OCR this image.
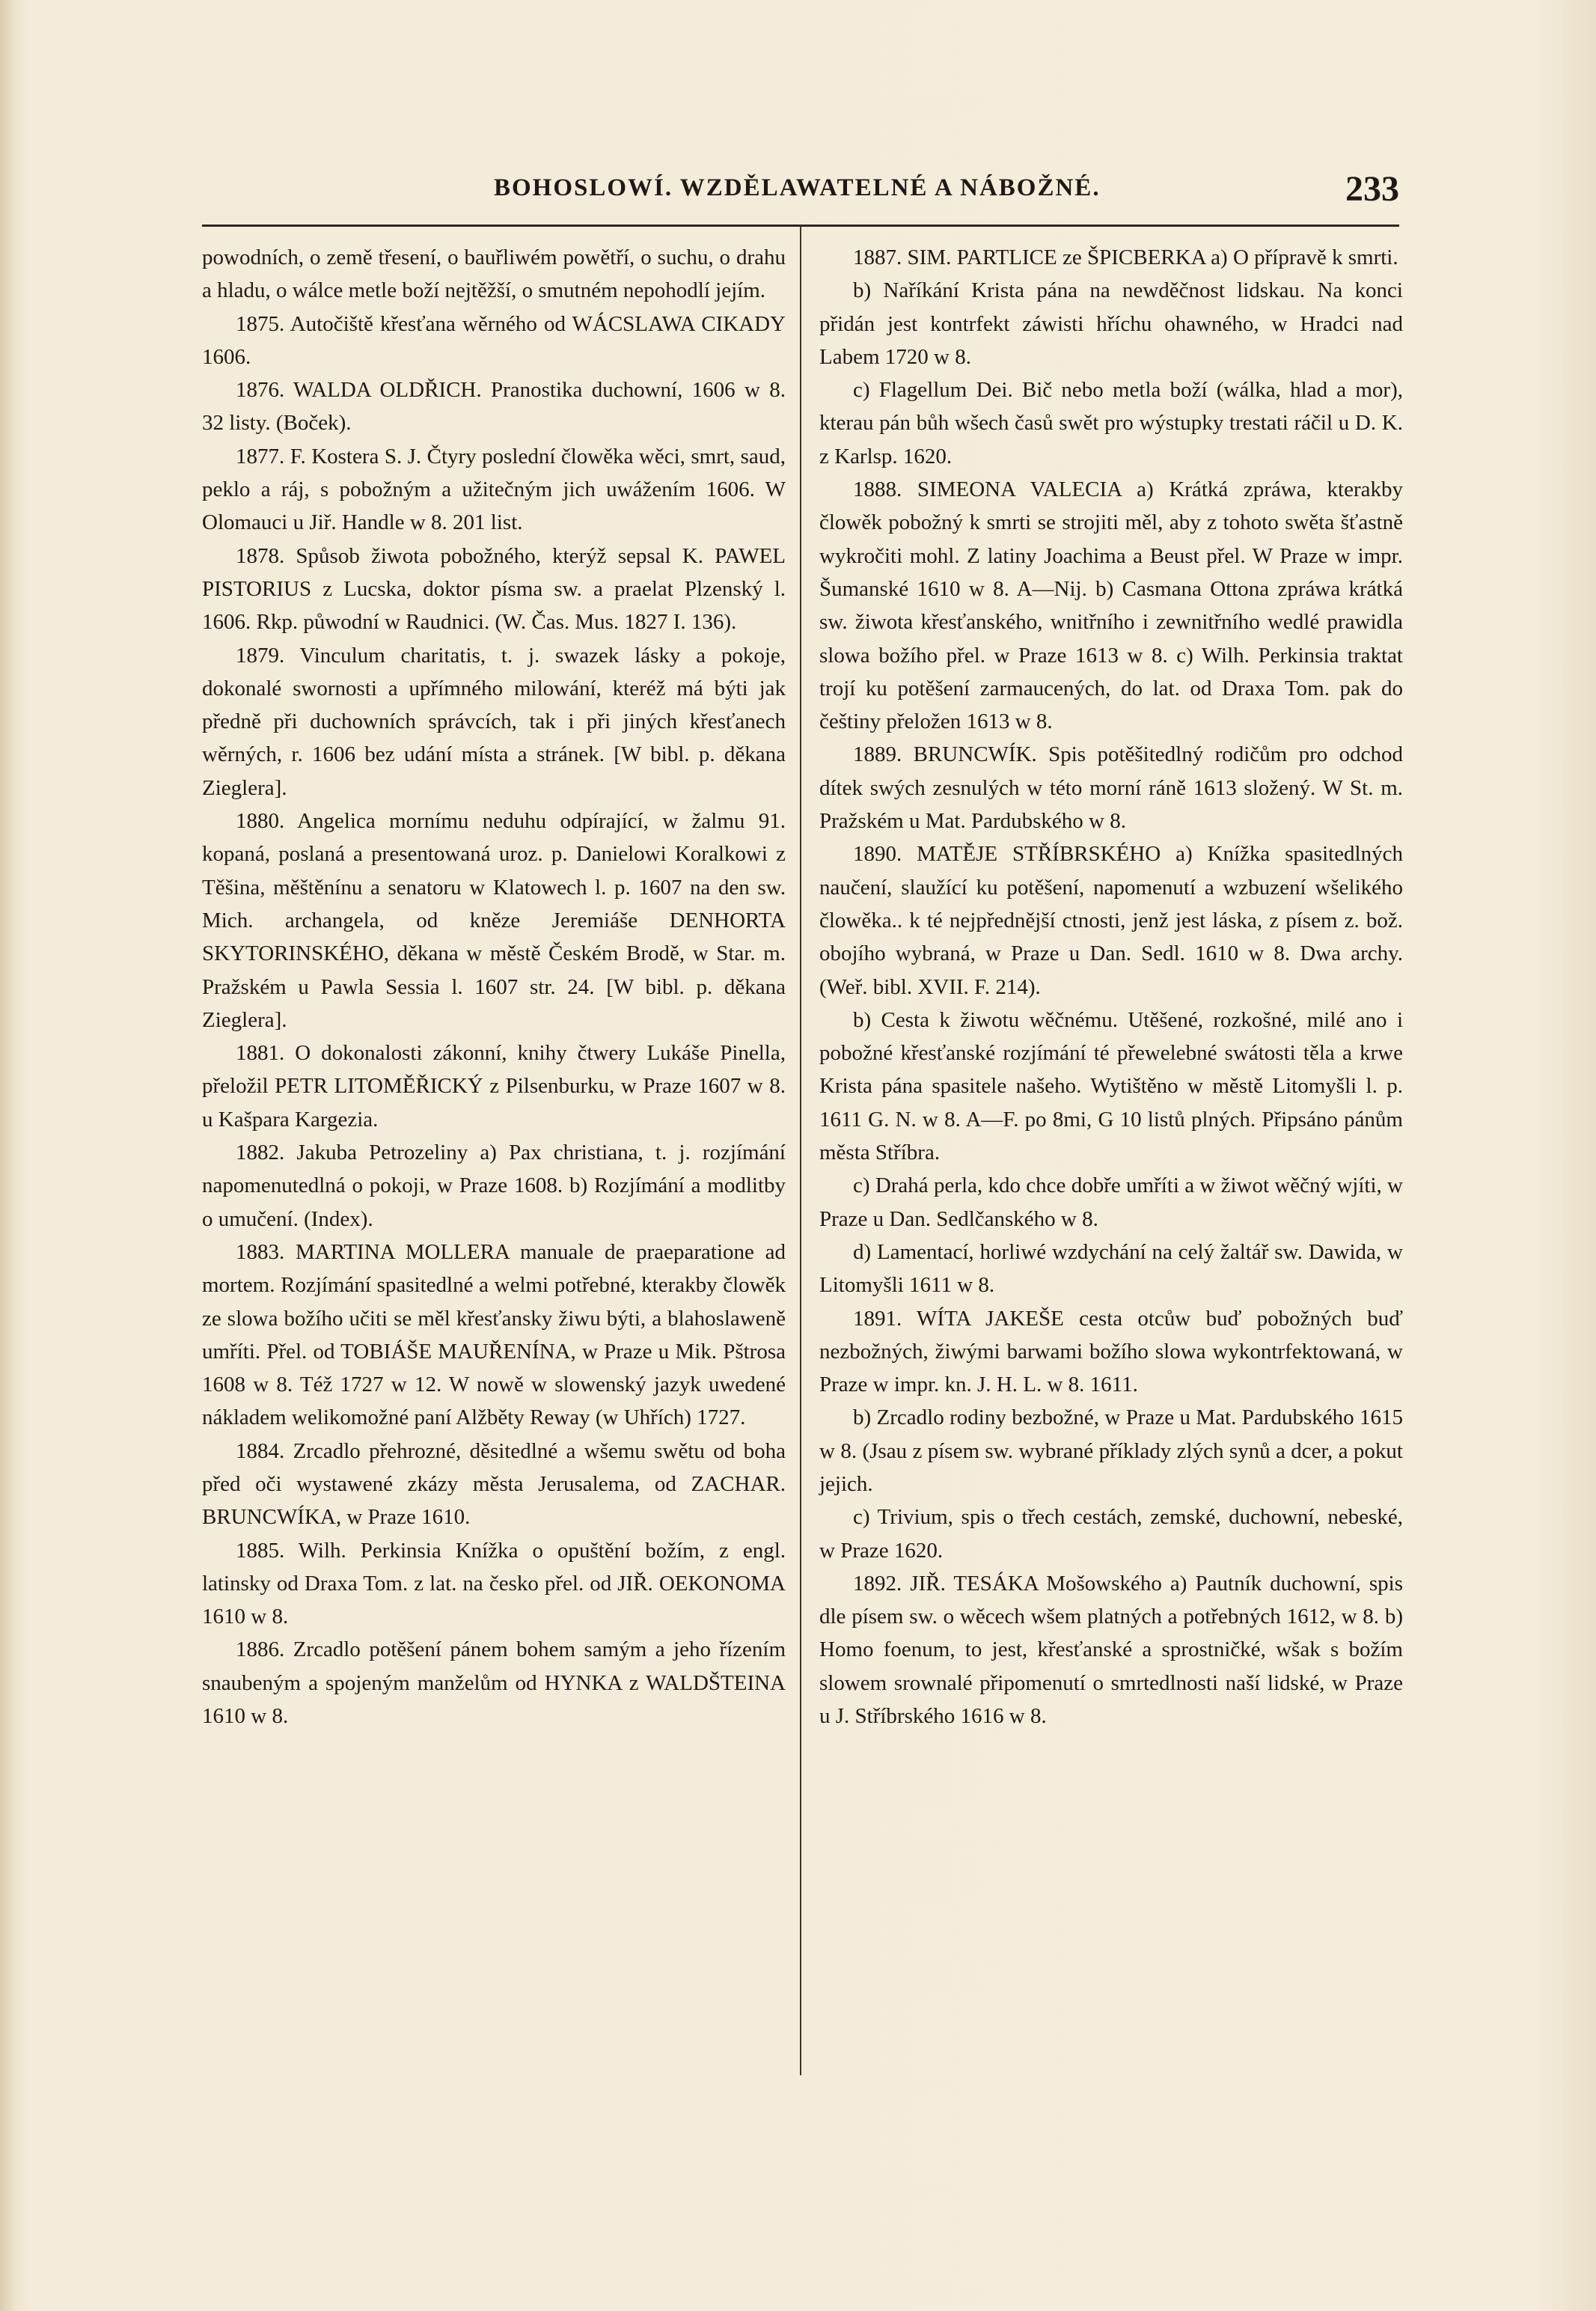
BOHOSLOWÍ. WZDĚLAWATELNÉ A NÁBOŽNÉ.	233

powodních, o země třesení, o bauřliwém powětří, o suchu, o drahu a hladu, o wálce metle boží nejtěžší, o smutném nepohodlí jejím.

1875. Autočiště křesťana wěrného od WÁCSLAWA CIKADY 1606.

1876. WALDA OLDŘICH. Pranostika duchowní, 1606 w 8. 32 listy. (Boček).

1877. F. Kostera S. J. Čtyry poslední člowěka wěci, smrt, saud, peklo a ráj, s pobožným a užitečným jich uwážením 1606. W Olomauci u Jiř. Handle w 8. 201 list.

1878. Spůsob žiwota pobožného, kterýž sepsal K. PAWEL PISTORIUS z Lucska, doktor písma sw. a praelat Plzenský l. 1606. Rkp. půwodní w Raudnici. (W. Čas. Mus. 1827 I. 136).

1879. Vinculum charitatis, t. j. swazek lásky a pokoje, dokonalé swornosti a upřímného milowání, kteréž má býti jak předně při duchowních správcích, tak i při jiných křesťanech wěrných, r. 1606 bez udání místa a stránek. [W bibl. p. děkana Zieglera].

1880. Angelica mornímu neduhu odpírající, w žalmu 91. kopaná, poslaná a presentowaná uroz. p. Danielowi Koralkowi z Těšina, měštěnínu a senatoru w Klatowech l. p. 1607 na den sw. Mich. archangela, od kněze Jeremiáše DENHORTA SKYTORINSKÉHO, děkana w městě Českém Brodě, w Star. m. Pražském u Pawla Sessia l. 1607 str. 24. [W bibl. p. děkana Zieglera].

1881. O dokonalosti zákonní, knihy čtwery Lukáše Pinella, přeložil PETR LITOMĚŘICKÝ z Pilsenburku, w Praze 1607 w 8. u Kašpara Kargezia.

1882. Jakuba Petrozeliny a) Pax christiana, t. j. rozjímání napomenutedlná o pokoji, w Praze 1608. b) Rozjímání a modlitby o umučení. (Index).

1883. MARTINA MOLLERA manuale de praeparatione ad mortem. Rozjímání spasitedlné a welmi potřebné, kterakby člowěk ze slowa božího učiti se měl křesťansky žiwu býti, a blahoslaweně umříti. Přel. od TOBIÁŠE MAUŘENÍNA, w Praze u Mik. Pštrosa 1608 w 8. Též 1727 w 12. W nowě w slowenský jazyk uwedené nákladem welikomožné paní Alžběty Reway (w Uhřích) 1727.

1884. Zrcadlo přehrozné, děsitedlné a wšemu swětu od boha před oči wystawené zkázy města Jerusalema, od ZACHAR. BRUNCWÍKA, w Praze 1610.

1885. Wilh. Perkinsia Knížka o opuštění božím, z engl. latinsky od Draxa Tom. z lat. na česko přel. od JIŘ. OEKONOMA 1610 w 8.

1886. Zrcadlo potěšení pánem bohem samým a jeho řízením snaubeným a spojeným manželům od HYNKA z WALDŠTEINA 1610 w 8.

1887. SIM. PARTLICE ze ŠPICBERKA a) O přípravě k smrti.

b) Naříkání Krista pána na newděčnost lidskau. Na konci přidán jest kontrfekt záwisti hříchu ohawného, w Hradci nad Labem 1720 w 8.

c) Flagellum Dei. Bič nebo metla boží (wálka, hlad a mor), kterau pán bůh wšech časů swět pro wýstupky trestati ráčil u D. K. z Karlsp. 1620.

1888. SIMEONA VALECIA a) Krátká zpráwa, kterakby člowěk pobožný k smrti se strojiti měl, aby z tohoto swěta šťastně wykročiti mohl. Z latiny Joachima a Beust přel. W Praze w impr. Šumanské 1610 w 8. A—Nij. b) Casmana Ottona zpráwa krátká sw. žiwota křesťanského, wnitřního i zewnitřního wedlé prawidla slowa božího přel. w Praze 1613 w 8. c) Wilh. Perkinsia traktat trojí ku potěšení zarmaucených, do lat. od Draxa Tom. pak do češtiny přeložen 1613 w 8.

1889. BRUNCWÍK. Spis potěšitedlný rodičům pro odchod dítek swých zesnulých w této morní ráně 1613 složený. W St. m. Pražském u Mat. Pardubského w 8.

1890. MATĚJE STŘÍBRSKÉHO a) Knížka spasitedlných naučení, slaužící ku potěšení, napomenutí a wzbuzení wšelikého člowěka.. k té nejpřednější ctnosti, jenž jest láska, z písem z. bož. obojího wybraná, w Praze u Dan. Sedl. 1610 w 8. Dwa archy. (Weř. bibl. XVII. F. 214).

b) Cesta k žiwotu wěčnému. Utěšené, rozkošné, milé ano i pobožné křesťanské rozjímání té přewelebné swátosti těla a krwe Krista pána spasitele našeho. Wytištěno w městě Litomyšli l. p. 1611 G. N. w 8. A—F. po 8mi, G 10 listů plných. Připsáno pánům města Stříbra.

c) Drahá perla, kdo chce dobře umříti a w žiwot wěčný wjíti, w Praze u Dan. Sedlčanského w 8.

d) Lamentací, horliwé wzdychání na celý žaltář sw. Dawida, w Litomyšli 1611 w 8.

1891. WÍTA JAKEŠE cesta otcůw buď pobožných buď nezbožných, žiwými barwami božího slowa wykontrfektowaná, w Praze w impr. kn. J. H. L. w 8. 1611.

b) Zrcadlo rodiny bezbožné, w Praze u Mat. Pardubského 1615 w 8. (Jsau z písem sw. wybrané příklady zlých synů a dcer, a pokut jejich.

c) Trivium, spis o třech cestách, zemské, duchowní, nebeské, w Praze 1620.

1892. JIŘ. TESÁKA Mošowského a) Pautník duchowní, spis dle písem sw. o wěcech wšem platných a potřebných 1612, w 8. b) Homo foenum, to jest, křesťanské a sprostničké, wšak s božím slowem srownalé připomenutí o smrtedlnosti naší lidské, w Praze u J. Stříbrského 1616 w 8.
